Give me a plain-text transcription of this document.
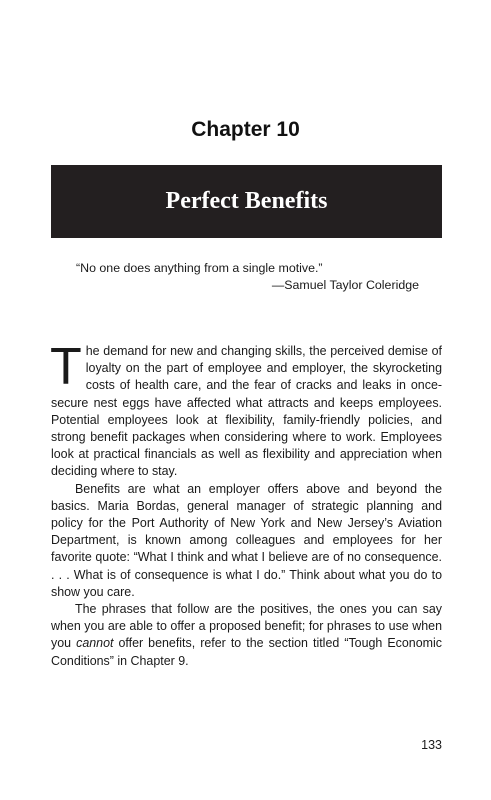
Chapter 10
Perfect Benefits
“No one does anything from a single motive.”
—Samuel Taylor Coleridge

The demand for new and changing skills, the perceived demise of loyalty on the part of employee and employer, the skyrocketing costs of health care, and the fear of cracks and leaks in once-secure nest eggs have affected what attracts and keeps employees. Potential employees look at flexibility, family-friendly policies, and strong benefit packages when considering where to work. Employees look at practical financials as well as flexibility and appreciation when deciding where to stay.

Benefits are what an employer offers above and beyond the basics. Maria Bordas, general manager of strategic planning and policy for the Port Authority of New York and New Jersey’s Aviation Department, is known among colleagues and employees for her favorite quote: “What I think and what I believe are of no consequence. . . . What is of consequence is what I do.” Think about what you do to show you care.

The phrases that follow are the positives, the ones you can say when you are able to offer a proposed benefit; for phrases to use when you cannot offer benefits, refer to the section titled “Tough Economic Conditions” in Chapter 9.

133
